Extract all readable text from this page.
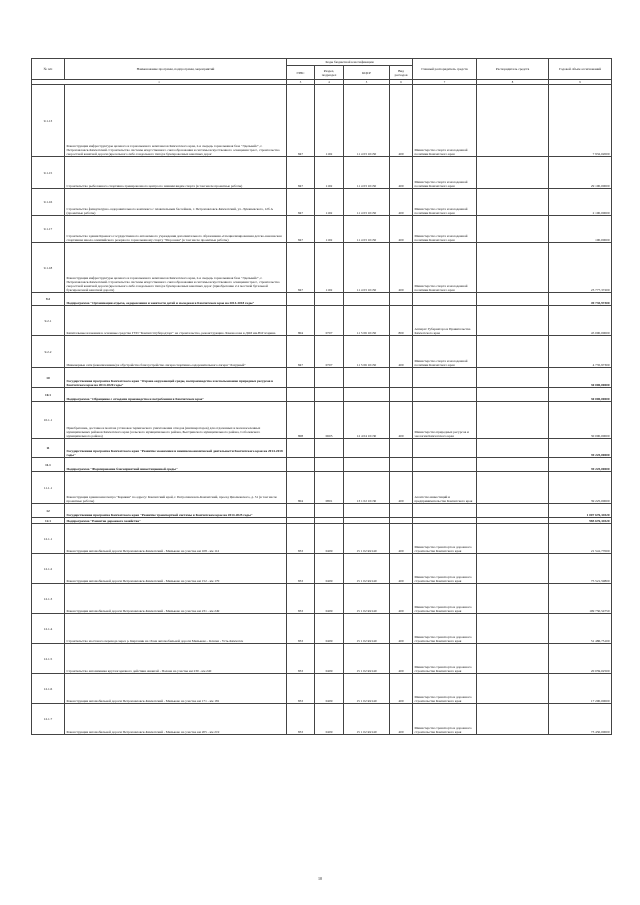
№ п/п	Наименование программ, подпрограмм, мероприятий	Коды бюджетной классификации				Главный распорядитель средств	Распорядитель средств	Годовой объем ассигнований
		ГРБС	Раздел, подраздел	КЦСР	Вид расходов			
1		3	4	5	6	7	8	9
9.1.13	Реконструкция инфраструктуры целевого и горнолыжного комплексов Камчатского края, 2-я очередь горнолыжная база "Эдельвейс", г. Петропавловск-Камчатский. Строительство системы искусственного снегообразования и системы искусственного освещения трасс, строительство скоростной канатной дороги (кресельного либо гондольного типа) и буксировочных канатных дорог	847	1102	11 4 03 10130	400	Министерство спорта и молодежной политики Камчатского края		7 932,02000
9.1.15	Строительство рыболовного спортивно-тренировочного центра по зимним видам спорта (в том числе проектные работы)	847	1102	11 4 03 10130	400	Министерство спорта и молодежной политики Камчатского края		29 100,00000
9.1.16	Строительство физкультурно-оздоровительного комплекса с плавательным бассейном, г. Петропавловск-Камчатский, ул. Лукашевского, 12б А (проектные работы)	847	1102	11 4 03 10130	400	Министерство спорта и молодежной политики Камчатского края		2 100,00000
9.1.17	Строительство здания Краевого государственного автономного учреждения дополнительного образования «Специализированная детско-юношеская спортивная школа олимпийского резерва по горнолыжному спорту "Морозная" (в том числе проектные работы)	847	1102	11 4 03 10130	400	Министерство спорта и молодежной политики Камчатского края		100,00000
9.1.18	Реконструкция инфраструктуры целевого и горнолыжного комплексов Камчатского края, 2-я очередь горнолыжная база "Эдельвейс", г. Петропавловск-Камчатский. Строительство системы искусственного снегообразования и системы искусственного освещения трасс, строительство скоростной канатной дороги (кресельного либо гондольного типа) и буксировочных канатных дорог (приобретение 2-х местной бугельной буксировочной канатной дороги)	847	1102	11 4 03 10130	400	Министерство спорта и молодежной политики Камчатского края		23 777,37200
9.2	Подпрограмма "Организация отдыха, оздоровления и занятости детей и молодежи в Камчатском крае на 2014-2018 годы"							49 735,97300
9.2.1	Капитальные вложения в основные средства ГУП "Камчатсптубпродторг" на строительство, реконструкцию Ломоносова в ДОЛ им.Ю.Гагарина	804	0707	11 5 06 10130	800	Аппарат Губернатора и Правительства Камчатского края		45 000,00000
9.2.2	Инженерные сети (канализование) и обустройство благоустройство лагеря спортивно-оздоровительного лагеря "Лазурный"	847	0707	11 5 06 10130	400	Министерство спорта и молодежной политики Камчатского края		4 735,97300
10	Государственная программа Камчатского края "Охрана окружающей среды, воспроизводство и использование природных ресурсов в Камчатском крае на 2014-2020 годы"							30 000,00000
10.1	Подпрограмма "Обращение с отходами производства и потребления в Камчатском крае"							30 000,00000
10.1.1	Приобретение, доставка и монтаж установок термического уничтожения отходов (инсинераторов) для отдаленных и малонаселенных муниципальных районов Камчатского края (сельского муниципального района, Быстринского муниципального района, Соболевского муниципального района)	808	0605	12 4 04 10130	400	Министерство природных ресурсов и экологии Камчатского края		30 000,00000
11	Государственная программа Камчатского края "Развитие экономики и внешнеэкономической деятельности Камчатского края на 2014-2018 годы"							39 225,00000
11.1	Подпрограмма "Формирование благоприятной инвестиционной среды"							39 225,00000
11.1.1	Реконструкция здания кинотеатра "Корякия" по адресу: Камчатский край, г. Петропавловск-Камчатский, проезд Циолковского, д. 31 (в том числе проектные работы)	804	0801	13 1 02 10130	400	Агентство инвестиций и предпринимательства Камчатского края		39 225,00000
12	Государственная программа Камчатского края "Развитие транспортной системы в Камчатском крае на 2014-2025 годы"							1 007 676,34520
12.1	Подпрограмма "Развитие дорожного хозяйства"							985 676,34520
12.1.1	Реконструкция автомобильной дороги Петропавловск-Камчатский - Мильково на участке км 108 - км 112	833	0409	15 1 02 R2140	400	Министерство транспорта и дорожного строительства Камчатского края		21 541,77000
12.1.2	Реконструкция автомобильной дороги Петропавловск-Камчатский - Мильково на участке км 152 - км 170	833	0409	15 1 02 R2140	400	Министерство транспорта и дорожного строительства Камчатского края		75 521,59800
12.1.3	Реконструкция автомобильной дороги Петропавловск-Камчатский - Мильково на участке км 231 - км 249	833	0409	15 1 02 R2140	400	Министерство транспорта и дорожного строительства Камчатского края		109 750,54750
12.1.4	Строительство мостового перехода через р. Кирганик на 16 км автомобильной дороги Мильково - Ключи - Усть-Камчатск	833	0409	15 1 02 R2140	400	Министерство транспорта и дорожного строительства Камчатского края		51 486,75100
12.1.5	Строительство автозимника круглогодичного действия Анавгай - Палана на участке км 230 - км 240	833	0409	15 1 02 R2140	400	Министерство транспорта и дорожного строительства Камчатского края		20 059,02500
12.1.6	Реконструкция автомобильной дороги Петропавловск-Камчатский - Мильково на участке км 171 - км 181	833	0409	15 1 02 R2140	400	Министерство транспорта и дорожного строительства Камчатского края		17 200,00000
12.1.7	Реконструкция автомобильной дороги Петропавловск-Камчатский - Мильково на участке км 205 - км 219	833	0409	15 1 02 R2140	400	Министерство транспорта и дорожного строительства Камчатского края		73 450,00000
10
